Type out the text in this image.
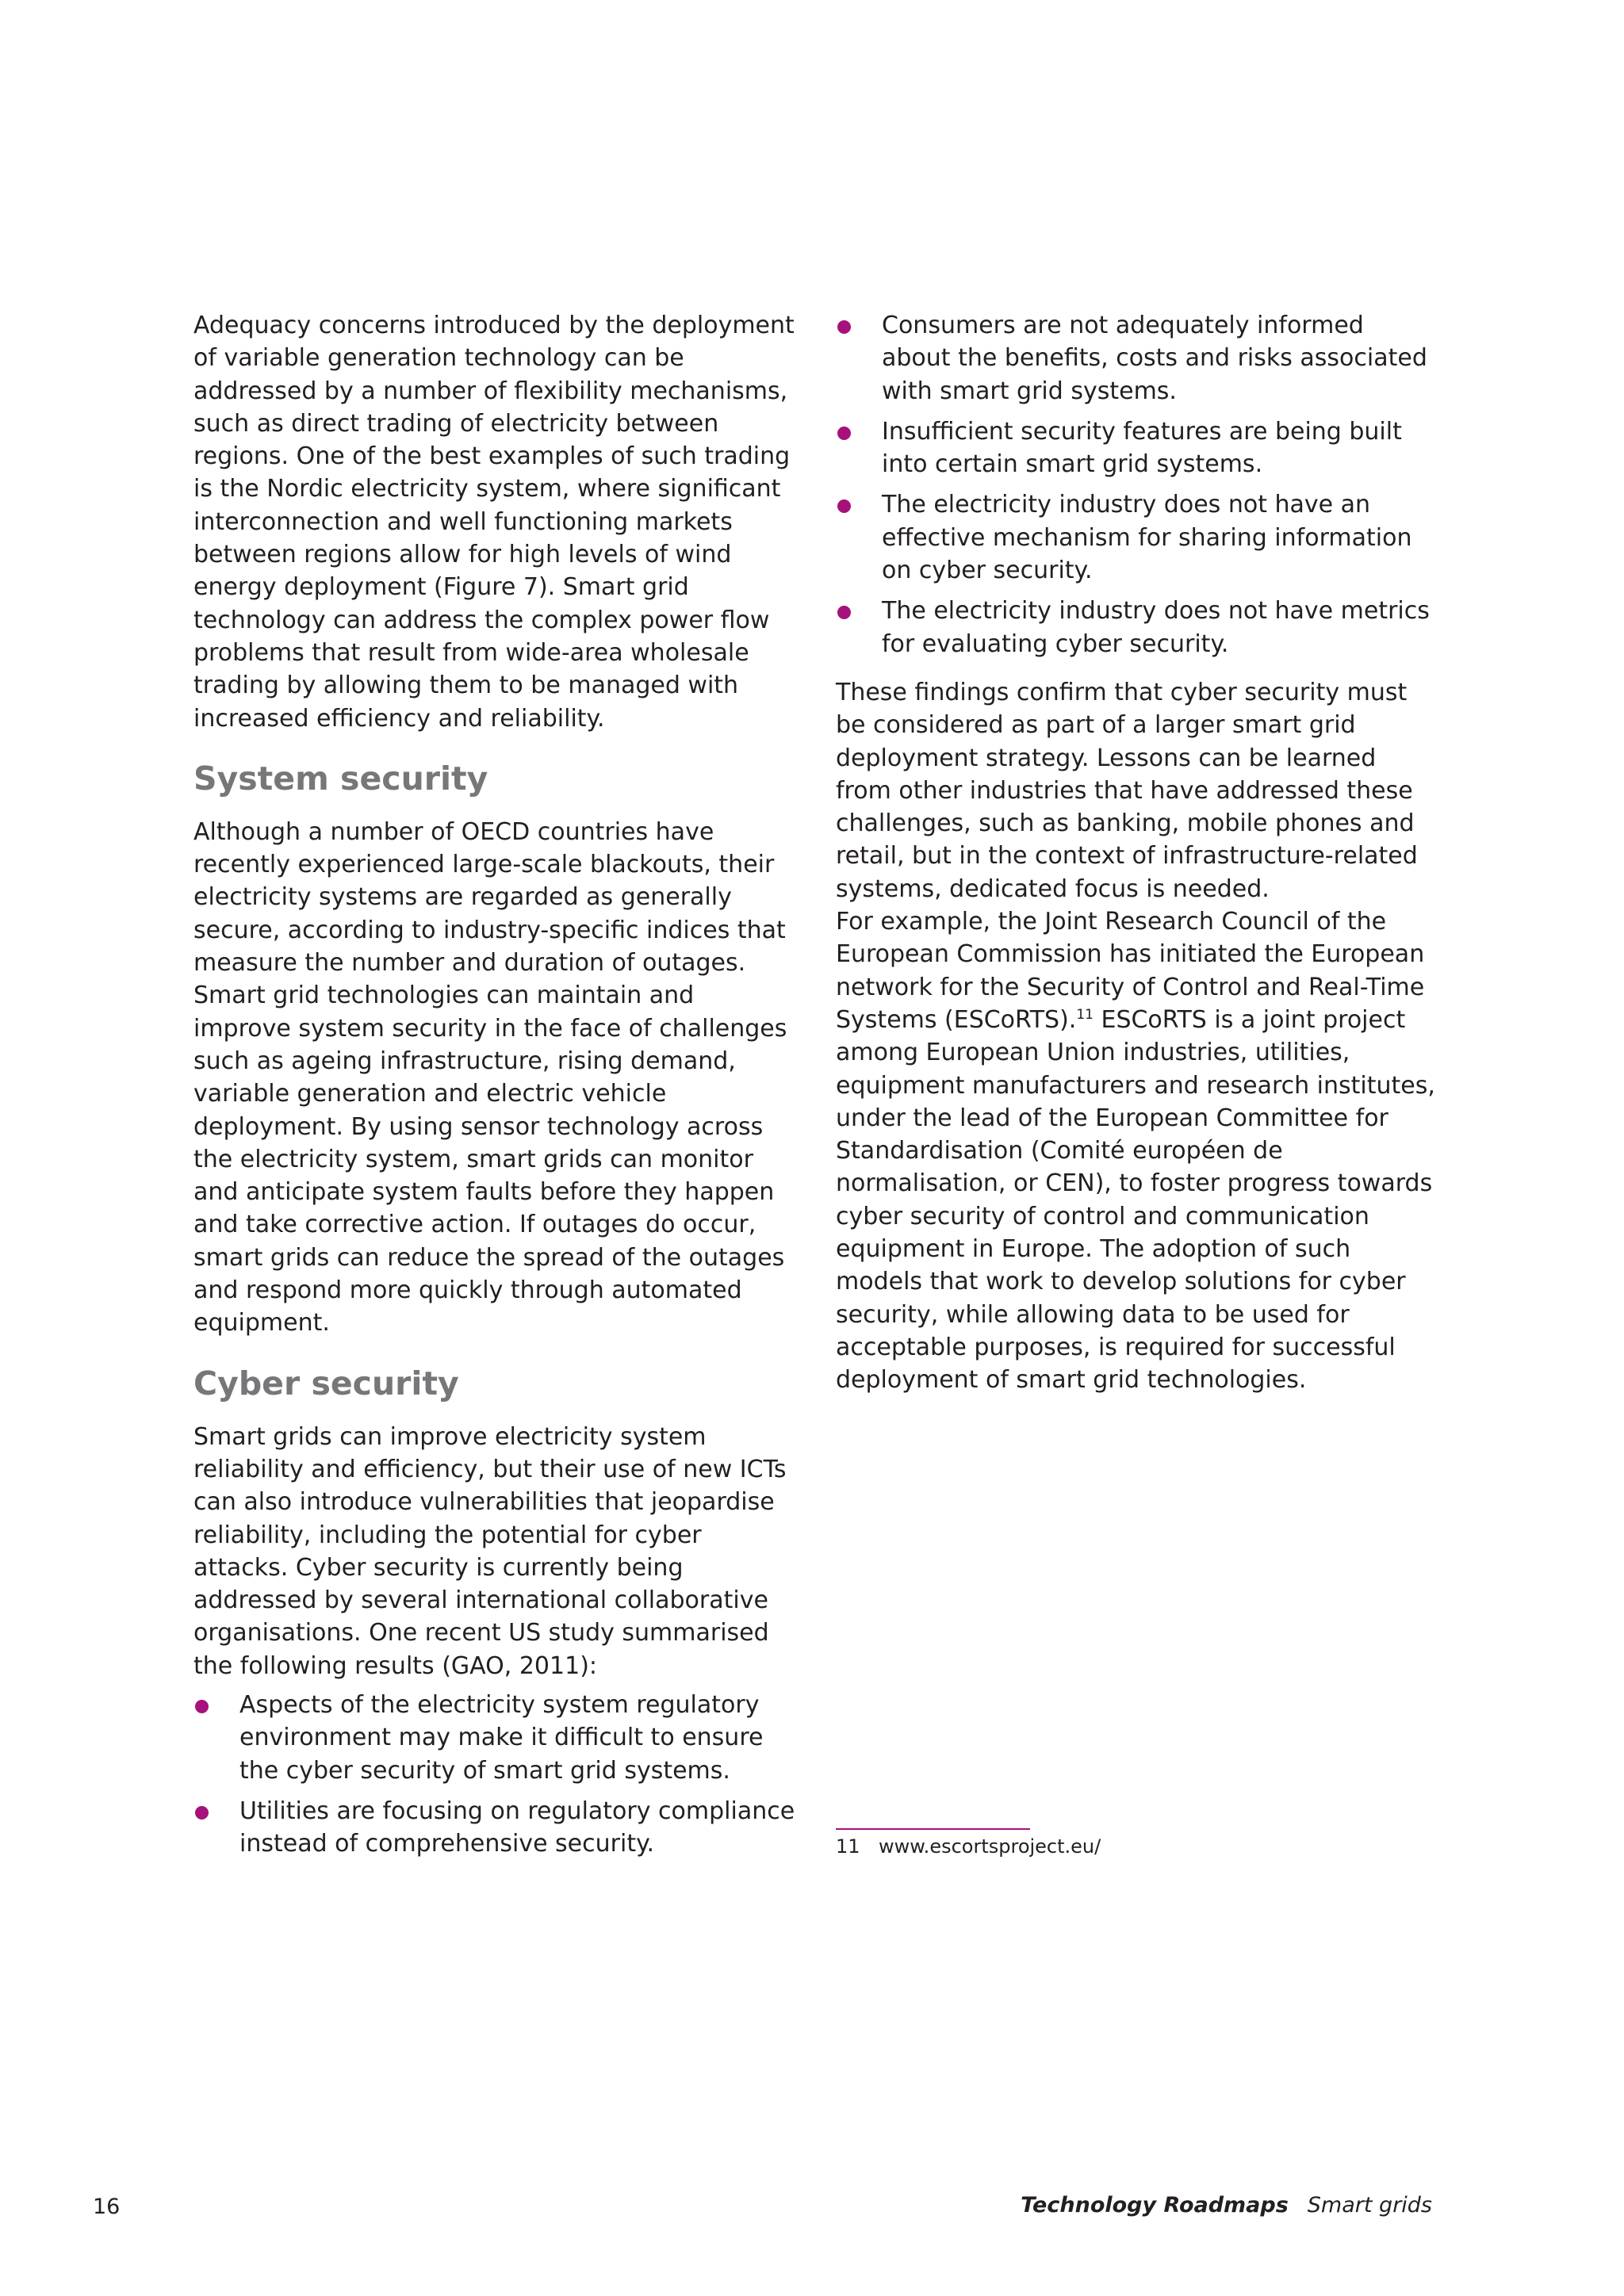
Adequacy concerns introduced by the deployment of variable generation technology can be addressed by a number of flexibility mechanisms, such as direct trading of electricity between regions. One of the best examples of such trading is the Nordic electricity system, where significant interconnection and well functioning markets between regions allow for high levels of wind energy deployment (Figure 7). Smart grid technology can address the complex power flow problems that result from wide-area wholesale trading by allowing them to be managed with increased efficiency and reliability.

System security

Although a number of OECD countries have recently experienced large-scale blackouts, their electricity systems are regarded as generally secure, according to industry-specific indices that measure the number and duration of outages. Smart grid technologies can maintain and improve system security in the face of challenges such as ageing infrastructure, rising demand, variable generation and electric vehicle deployment. By using sensor technology across the electricity system, smart grids can monitor and anticipate system faults before they happen and take corrective action. If outages do occur, smart grids can reduce the spread of the outages and respond more quickly through automated equipment.

Cyber security

Smart grids can improve electricity system reliability and efficiency, but their use of new ICTs can also introduce vulnerabilities that jeopardise reliability, including the potential for cyber attacks. Cyber security is currently being addressed by several international collaborative organisations. One recent US study summarised the following results (GAO, 2011):

Aspects of the electricity system regulatory environment may make it difficult to ensure the cyber security of smart grid systems.
Utilities are focusing on regulatory compliance instead of comprehensive security.
Consumers are not adequately informed about the benefits, costs and risks associated with smart grid systems.
Insufficient security features are being built into certain smart grid systems.
The electricity industry does not have an effective mechanism for sharing information on cyber security.
The electricity industry does not have metrics for evaluating cyber security.

These findings confirm that cyber security must be considered as part of a larger smart grid deployment strategy. Lessons can be learned from other industries that have addressed these challenges, such as banking, mobile phones and retail, but in the context of infrastructure-related systems, dedicated focus is needed.

For example, the Joint Research Council of the European Commission has initiated the European network for the Security of Control and Real-Time Systems (ESCoRTS).$^{11}$ ESCoRTS is a joint project among European Union industries, utilities, equipment manufacturers and research institutes, under the lead of the European Committee for Standardisation (Comité européen de normalisation, or CEN), to foster progress towards cyber security of control and communication equipment in Europe. The adoption of such models that work to develop solutions for cyber security, while allowing data to be used for acceptable purposes, is required for successful deployment of smart grid technologies.

11 www.escortsproject.eu/
16	Technology Roadmaps Smart grids
